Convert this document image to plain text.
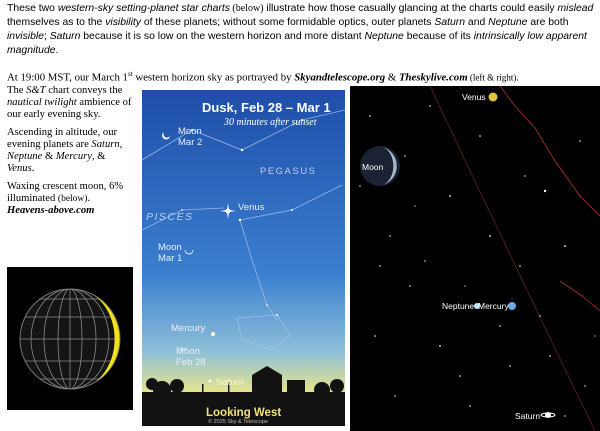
These two western-sky setting-planet star charts (below) illustrate how those casually glancing at the charts could easily mislead themselves as to the visibility of these planets; without some formidable optics, outer planets Saturn and Neptune are both invisible; Saturn because it is so low on the western horizon and more distant Neptune because of its intrinsically low apparent magnitude.
At 19:00 MST, our March 1st western horizon sky as portrayed by Skyandtelescope.org & Theskylive.com (left & right).

The S&T chart conveys the nautical twilight ambience of our early evening sky.

Ascending in altitude, our evening planets are Saturn, Neptune & Mercury, & Venus.

Waxing crescent moon, 6% illuminated (below).
Heavens-above.com

Dusk, Feb 28 – Mar 1
30 minutes after sunset
PEGASUS
PISCES
Moon
Mar 2
Venus
Moon
Mar 1
Mercury
Moon
Feb 28
Saturn
Looking West
© 2025 Sky & Telescope
Venus
Moon
Neptune Mercury
Saturn
